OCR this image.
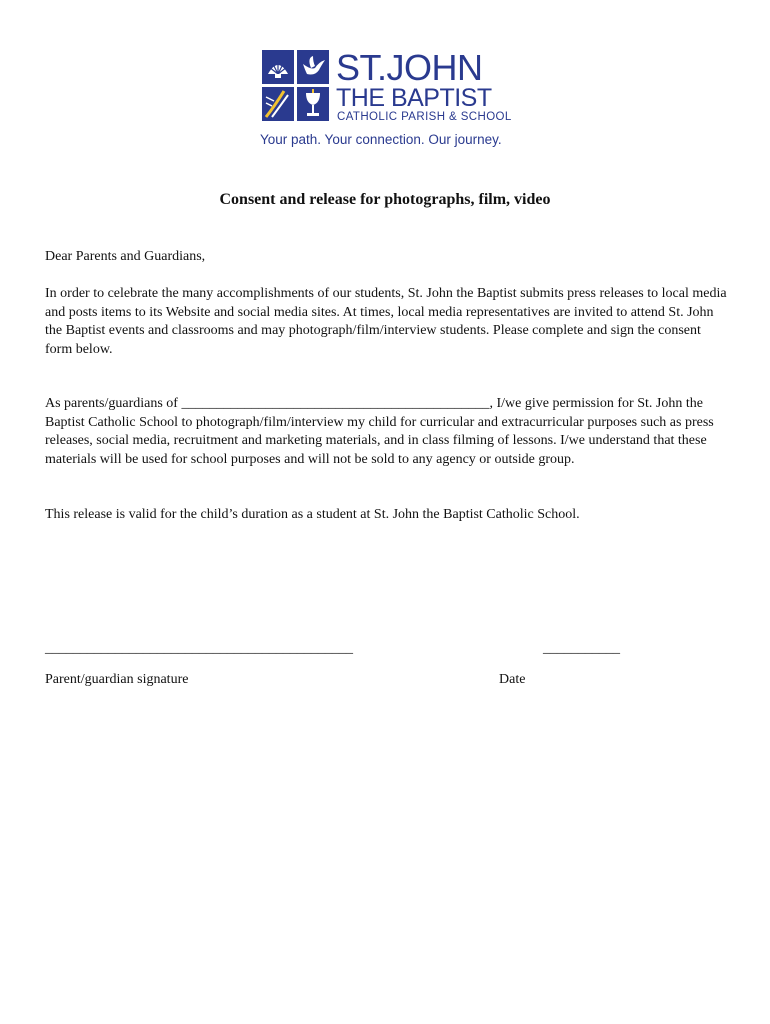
ST.JOHN
THE BAPTIST
CATHOLIC PARISH & SCHOOL
Your path. Your connection. Our journey.
Consent and release for photographs, film, video
Dear Parents and Guardians,
In order to celebrate the many accomplishments of our students, St. John the Baptist submits press releases to local media and posts items to its Website and social media sites. At times, local media representatives are invited to attend St. John the Baptist events and classrooms and may photograph/film/interview students. Please complete and sign the consent form below.
As parents/guardians of ____________________________________________, I/we give permission for St. John the Baptist Catholic School to photograph/film/interview my child for curricular and extracurricular purposes such as press releases, social media, recruitment and marketing materials, and in class filming of lessons. I/we understand that these materials will be used for school purposes and will not be sold to any agency or outside group.
This release is valid for the child’s duration as a student at St. John the Baptist Catholic School.
____________________________________________	___________
Parent/guardian signature	Date
